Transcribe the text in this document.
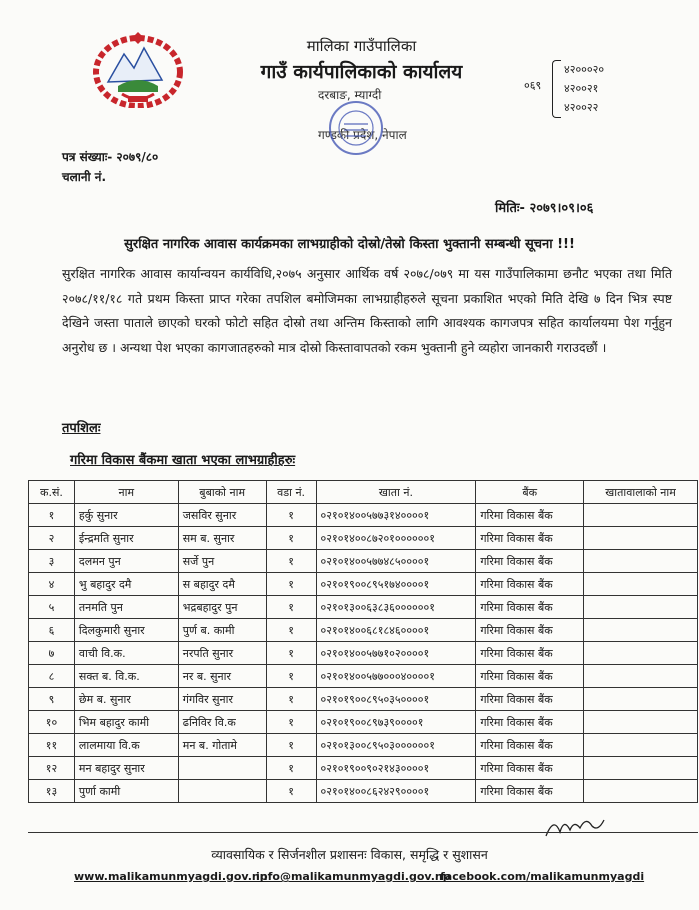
मालिका गाउँपालिका
गाउँ कार्यपालिकाको कार्यालय
दरबाङ, म्याग्दी
गण्डकी प्रदेश, नेपाल
०६९
४२०००२०
४२००२१
४२००२२
पत्र संख्याः- २०७९/८०
चलानी नं.
मितिः- २०७९।०९।०६
सुरक्षित नागरिक आवास कार्यक्रमका लाभग्राहीको दोस्रो/तेस्रो किस्ता भुक्तानी सम्बन्धी सूचना !!!
सुरक्षित नागरिक आवास कार्यान्वयन कार्यविधि,२०७५ अनुसार आर्थिक वर्ष २०७८/०७९ मा यस गाउँपालिकामा छनौट भएका तथा मिति २०७८/११/१८ गते प्रथम किस्ता प्राप्त गरेका तपशिल बमोजिमका लाभग्राहीहरुले सूचना प्रकाशित भएको मिति देखि ७ दिन भित्र स्पष्ट देखिने जस्ता पाताले छाएको घरको फोटो सहित दोस्रो तथा अन्तिम किस्ताको लागि आवश्यक कागजपत्र सहित कार्यालयमा पेश गर्नुहुन अनुरोध छ । अन्यथा पेश भएका कागजातहरुको मात्र दोस्रो किस्तावापतको रकम भुक्तानी हुने व्यहोरा जानकारी गराउदछौं ।
तपशिलः
गरिमा विकास बैंकमा खाता भएका लाभग्राहीहरुः
क.सं.	नाम	बुबाको नाम	वडा नं.	खाता नं.	बैंक	खातावालाको नाम
१	हर्कु सुनार	जसविर सुनार	१	०२१०१४००५७७३१४००००१	गरिमा विकास बैंक	
२	ईन्द्रमति सुनार	सम ब. सुनार	१	०२१०१४००८७२०१००००००१	गरिमा विकास बैंक	
३	दलमन पुन	सर्जे पुन	१	०२१०१४००५७७४८५००००१	गरिमा विकास बैंक	
४	भु बहादुर दमै	स बहादुर दमै	१	०२१०१९००८९५१७४००००१	गरिमा विकास बैंक	
५	तनमति पुन	भद्रबहादुर पुन	१	०२१०१३००६३८३६००००००१	गरिमा विकास बैंक	
६	दिलकुमारी सुनार	पुर्ण ब. कामी	१	०२१०१४००६८१८४६००००१	गरिमा विकास बैंक	
७	वाची वि.क.	नरपति सुनार	१	०२१०१४००५७७१०२००००१	गरिमा विकास बैंक	
८	सक्त ब. वि.क.	नर ब. सुनार	१	०२१०१४००५७७०००४००००१	गरिमा विकास बैंक	
९	छेम ब. सुनार	गंगविर सुनार	१	०२१०१९००८९५०३५००००१	गरिमा विकास बैंक	
१०	भिम बहादुर कामी	ढनिविर वि.क	१	०२१०१९००८९७३९००००१	गरिमा विकास बैंक	
११	लालमाया वि.क	मन ब. गोतामे	१	०२१०१३००८९५०३००००००१	गरिमा विकास बैंक	
१२	मन बहादुर सुनार		१	०२१०१९००९०२१४३००००१	गरिमा विकास बैंक	
१३	पुर्णा कामी		१	०२१०१४००८६२४२९००००१	गरिमा विकास बैंक	
व्यावसायिक र सिर्जनशील प्रशासनः विकास, समृद्धि र सुशासन
www.malikamunmyagdi.gov.np
info@malikamunmyagdi.gov.np
facebook.com/malikamunmyagdi
